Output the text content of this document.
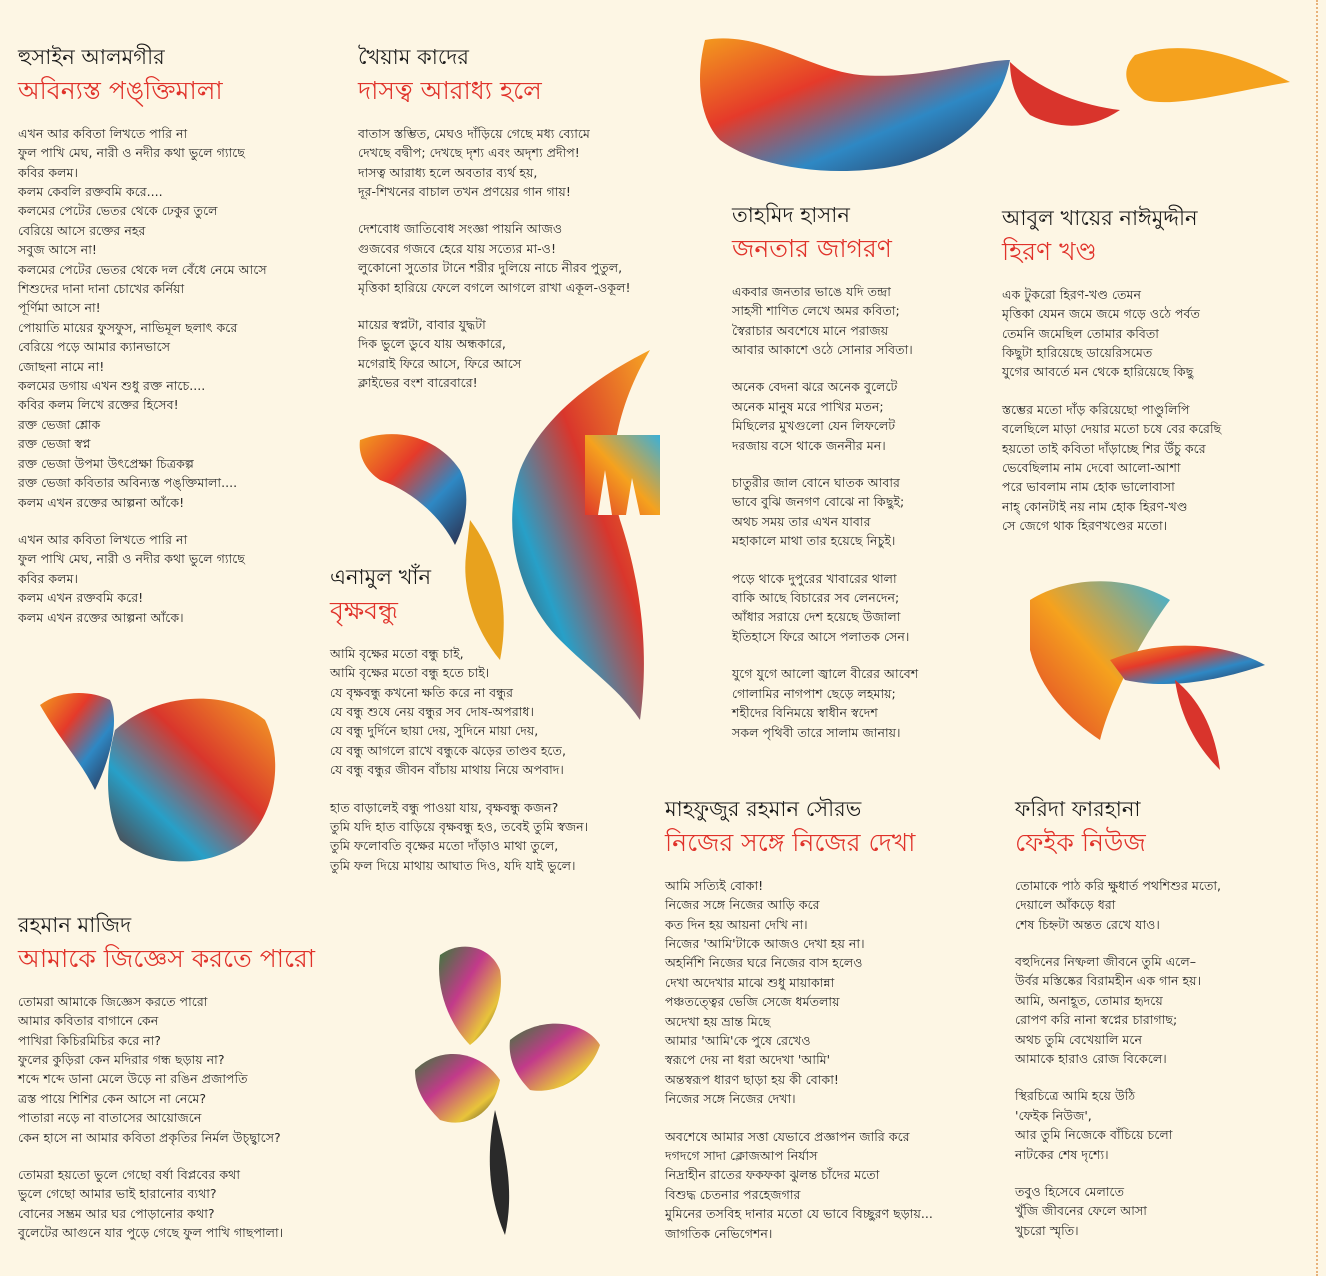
হুসাইন আলমগীর

অবিন্যস্ত পঙ্‌ক্তিমালা

এখন আর কবিতা লিখতে পারি না
ফুল পাখি মেঘ, নারী ও নদীর কথা ভুলে গ্যাছে
কবির কলম।
কলম কেবলি রক্তবমি করে....
কলমের পেটের ভেতর থেকে ঢেকুর তুলে
বেরিয়ে আসে রক্তের নহর
সবুজ আসে না!
কলমের পেটের ভেতর থেকে দল বেঁধে নেমে আসে
শিশুদের দানা দানা চোখের কর্নিয়া
পূর্ণিমা আসে না!
পোয়াতি মায়ের ফুসফুস, নাভিমূল ছলাৎ করে
বেরিয়ে পড়ে আমার ক্যানভাসে
জোছনা নামে না!
কলমের ডগায় এখন শুধু রক্ত নাচে....
কবির কলম লিখে রক্তের হিসেব!
রক্ত ভেজা শ্লোক
রক্ত ভেজা স্বপ্ন
রক্ত ভেজা উপমা উৎপ্রেক্ষা চিত্রকল্প
রক্ত ভেজা কবিতার অবিন্যস্ত পঙ্‌ক্তিমালা....
কলম এখন রক্তের আল্পনা আঁকে!
এখন আর কবিতা লিখতে পারি না
ফুল পাখি মেঘ, নারী ও নদীর কথা ভুলে গ্যাছে
কবির কলম।
কলম এখন রক্তবমি করে!
কলম এখন রক্তের আল্পনা আঁকে।

খৈয়াম কাদের

দাসত্ব আরাধ্য হলে

বাতাস স্তম্ভিত, মেঘও দাঁড়িয়ে গেছে মধ্য ব্যোমে
দেখছে বদ্বীপ; দেখছে দৃশ্য এবং অদৃশ্য প্রদীপ!
দাসত্ব আরাধ্য হলে অবতার ব্যর্থ হয়,
দূর-শিখনের বাচাল তখন প্রণয়ের গান গায়!
দেশবোধ জাতিবোধ সংজ্ঞা পায়নি আজও
গুজবের গজবে হেরে যায় সত্যের মা-ও!
লুকোনো সুতোর টানে শরীর দুলিয়ে নাচে নীরব পুতুল,
মৃত্তিকা হারিয়ে ফেলে বগলে আগলে রাখা একূল-ওকূল!
মায়ের স্বপ্নটা, বাবার যুদ্ধটা
দিক ভুলে ডুবে যায় অন্ধকারে,
মগেরাই ফিরে আসে, ফিরে আসে
ক্লাইভের বংশ বারেবারে!

তাহমিদ হাসান

জনতার জাগরণ

একবার জনতার ভাঙে যদি তন্দ্রা
সাহসী শাণিত লেখে অমর কবিতা;
স্বৈরাচার অবশেষে মানে পরাজয়
আবার আকাশে ওঠে সোনার সবিতা।
অনেক বেদনা ঝরে অনেক বুলেটে
অনেক মানুষ মরে পাখির মতন;
মিছিলের মুখগুলো যেন লিফলেট
দরজায় বসে থাকে জননীর মন।
চাতুরীর জাল বোনে ঘাতক আবার
ভাবে বুঝি জনগণ বোঝে না কিছুই;
অথচ সময় তার এখন যাবার
মহাকালে মাথা তার হয়েছে নিচুই।
পড়ে থাকে দুপুরের খাবারের থালা
বাকি আছে বিচারের সব লেনদেন;
আঁধার সরায়ে দেশ হয়েছে উজালা
ইতিহাসে ফিরে আসে পলাতক সেন।
যুগে যুগে আলো জ্বালে বীরের আবেশ
গোলামির নাগপাশ ছেড়ে লহমায়;
শহীদের বিনিময়ে স্বাধীন স্বদেশ
সকল পৃথিবী তারে সালাম জানায়।

আবুল খায়ের নাঈমুদ্দীন

হিরণ খণ্ড

এক টুকরো হিরণ-খণ্ড তেমন
মৃত্তিকা যেমন জমে জমে গড়ে ওঠে পর্বত
তেমনি জমেছিল তোমার কবিতা
কিছুটা হারিয়েছে ডায়েরিসমেত
যুগের আবর্তে মন থেকে হারিয়েছে কিছু
স্তম্ভের মতো দাঁড় করিয়েছো পাণ্ডুলিপি
বলেছিলে মাড়া দেয়ার মতো চষে বের করেছি
হয়তো তাই কবিতা দাঁড়াচ্ছে শির উঁচু করে
ভেবেছিলাম নাম দেবো আলো-আশা
পরে ভাবলাম নাম হোক ভালোবাসা
নাহ্ কোনটাই নয় নাম হোক হিরণ-খণ্ড
সে জেগে থাক হিরণখণ্ডের মতো।

এনামুল খাঁন

বৃক্ষবন্ধু

আমি বৃক্ষের মতো বন্ধু চাই,
আমি বৃক্ষের মতো বন্ধু হতে চাই।
যে বৃক্ষবন্ধু কখনো ক্ষতি করে না বন্ধুর
যে বন্ধু শুষে নেয় বন্ধুর সব দোষ-অপরাধ।
যে বন্ধু দুর্দিনে ছায়া দেয়, সুদিনে মায়া দেয়,
যে বন্ধু আগলে রাখে বন্ধুকে ঝড়ের তাণ্ডব হতে,
যে বন্ধু বন্ধুর জীবন বাঁচায় মাথায় নিয়ে অপবাদ।
হাত বাড়ালেই বন্ধু পাওয়া যায়, বৃক্ষবন্ধু কজন?
তুমি যদি হাত বাড়িয়ে বৃক্ষবন্ধু হও, তবেই তুমি স্বজন।
তুমি ফলোবতি বৃক্ষের মতো দাঁড়াও মাথা তুলে,
তুমি ফল দিয়ে মাথায় আঘাত দিও, যদি যাই ভুলে।

মাহফুজুর রহমান সৌরভ

নিজের সঙ্গে নিজের দেখা

আমি সত্যিই বোকা!
নিজের সঙ্গে নিজের আড়ি করে
কত দিন হয় আয়না দেখি না।
নিজের 'আমি'টাকে আজও দেখা হয় না।
অহর্নিশি নিজের ঘরে নিজের বাস হলেও
দেখা অদেখার মাঝে শুধু মায়াকান্না
পঞ্চতত্ত্বের ভেজি সেজে ধর্মতলায়
অদেখা হয় ভ্রান্ত মিছে
আমার 'আমি'কে পুষে রেখেও
স্বরূপে দেয় না ধরা অদেখা 'আমি'
অন্তস্বরূপ ধারণ ছাড়া হয় কী বোকা!
নিজের সঙ্গে নিজের দেখা।
অবশেষে আমার সত্তা যেভাবে প্রজ্ঞাপন জারি করে
দগদগে সাদা ক্লোজআপ নির্যাস
নিদ্রাহীন রাতের ফকফকা ঝুলন্ত চাঁদের মতো
বিশুদ্ধ চেতনার পরহেজগার
মুমিনের তসবিহ দানার মতো যে ভাবে বিচ্ছুরণ ছড়ায়...
জাগতিক নেভিগেশন।

ফরিদা ফারহানা

ফেইক নিউজ

তোমাকে পাঠ করি ক্ষুধার্ত পথশিশুর মতো,
দেয়ালে আঁকড়ে ধরা
শেষ চিহ্নটা অন্তত রেখে যাও।
বহুদিনের নিষ্ফলা জীবনে তুমি এলে–
উর্বর মস্তিষ্কের বিরামহীন এক গান হয়।
আমি, অনাহূত, তোমার হৃদয়ে
রোপণ করি নানা স্বপ্নের চারাগাছ;
অথচ তুমি বেখেয়ালি মনে
আমাকে হারাও রোজ বিকেলে।
স্থিরচিত্রে আমি হয়ে উঠি
'ফেইক নিউজ',
আর তুমি নিজেকে বাঁচিয়ে চলো
নাটকের শেষ দৃশ্যে।
তবুও হিসেবে মেলাতে
খুঁজি জীবনের ফেলে আসা
খুচরো স্মৃতি।

রহমান মাজিদ

আমাকে জিজ্ঞেস করতে পারো

তোমরা আমাকে জিজ্ঞেস করতে পারো
আমার কবিতার বাগানে কেন
পাখিরা কিচিরমিচির করে না?
ফুলের কুড়িরা কেন মদিরার গন্ধ ছড়ায় না?
শব্দে শব্দে ডানা মেলে উড়ে না রঙিন প্রজাপতি
ত্রস্ত পায়ে শিশির কেন আসে না নেমে?
পাতারা নড়ে না বাতাসের আয়োজনে
কেন হাসে না আমার কবিতা প্রকৃতির নির্মল উচ্ছ্বাসে?
তোমরা হয়তো ভুলে গেছো বর্ষা বিপ্লবের কথা
ভুলে গেছো আমার ভাই হারানোর ব্যথা?
বোনের সম্ভ্রম আর ঘর পোড়ানোর কথা?
বুলেটের আগুনে যার পুড়ে গেছে ফুল পাখি গাছপালা।
